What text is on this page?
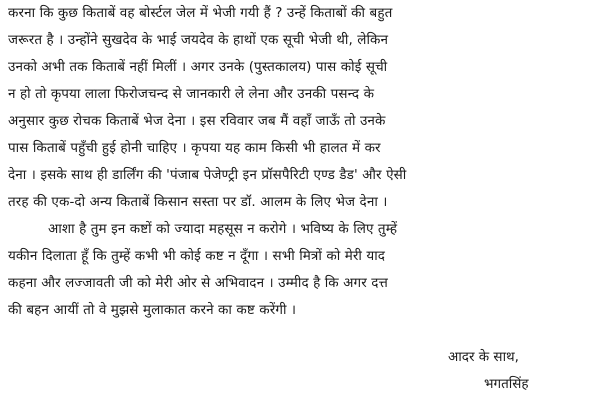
करना कि कुछ किताबें वह बोर्स्टल जेल में भेजी गयी हैं ? उन्हें किताबों की बहुत
जरूरत है । उन्होंने सुखदेव के भाई जयदेव के हाथों एक सूची भेजी थी, लेकिन
उनको अभी तक किताबें नहीं मिलीं । अगर उनके (पुस्तकालय) पास कोई सूची
न हो तो कृपया लाला फिरोजचन्द से जानकारी ले लेना और उनकी पसन्द के
अनुसार कुछ रोचक किताबें भेज देना । इस रविवार जब मैं वहाँ जाऊँ तो उनके
पास किताबें पहुँची हुई होनी चाहिए । कृपया यह काम किसी भी हालत में कर
देना । इसके साथ ही डार्लिंग की 'पंजाब पेजेण्ट्री इन प्रॉसपैरिटी एण्ड डैड' और ऐसी
तरह की एक-दो अन्य किताबें किसान सस्ता पर डॉ. आलम के लिए भेज देना ।
आशा है तुम इन कष्टों को ज्यादा महसूस न करोगे । भविष्य के लिए तुम्हें
यकीन दिलाता हूँ कि तुम्हें कभी भी कोई कष्ट न दूँगा । सभी मित्रों को मेरी याद
कहना और लज्जावती जी को मेरी ओर से अभिवादन । उम्मीद है कि अगर दत्त
की बहन आयीं तो वे मुझसे मुलाकात करने का कष्ट करेंगी ।
आदर के साथ,
भगतसिंह
